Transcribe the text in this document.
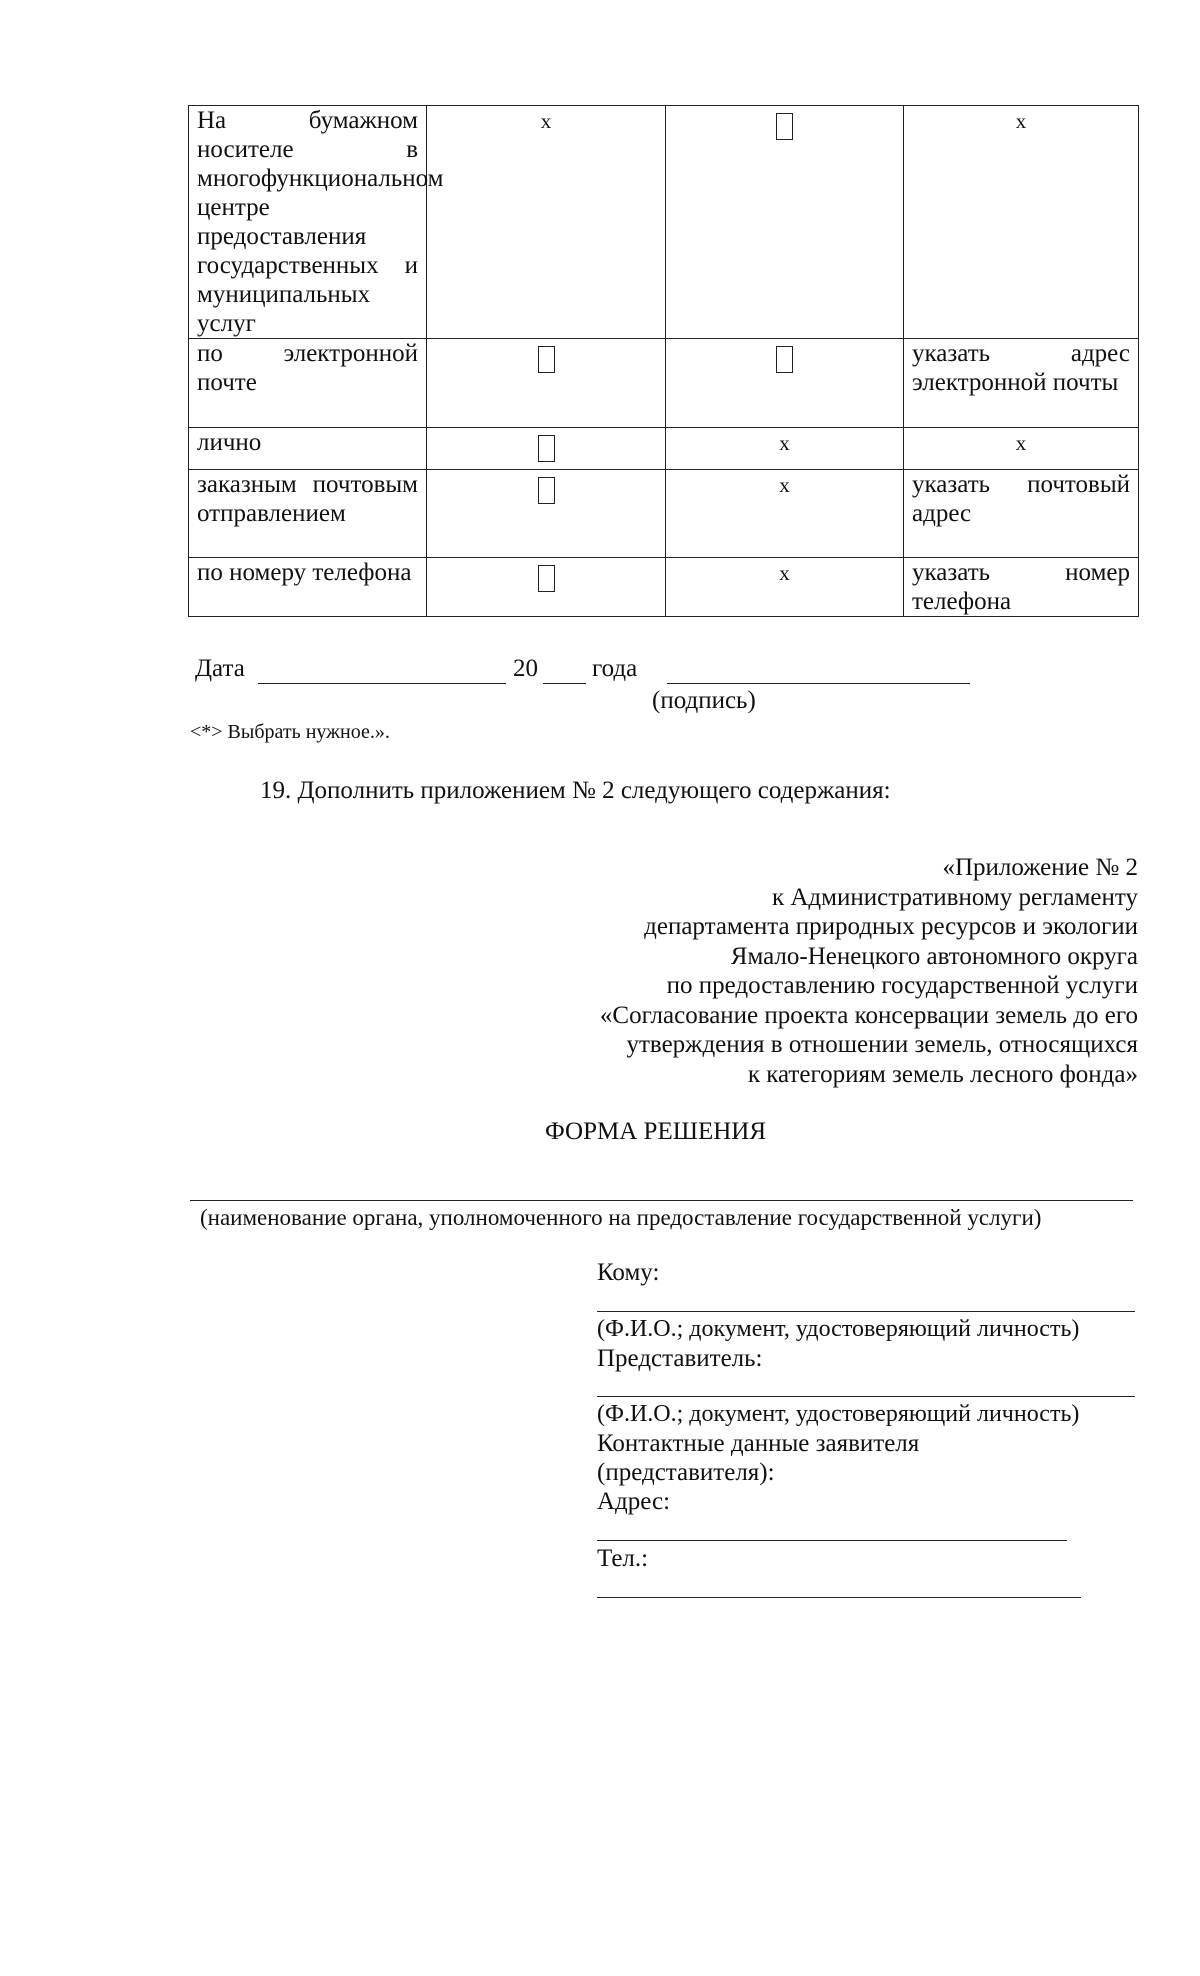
На бумажном носителе в многофункциональном центре предоставления государственных и муниципальных услуг	х		х
по электронной почте			указать адрес электронной почты
лично		х	х
заказным почтовым отправлением		х	указать почтовый адрес
по номеру телефона		х	указать номер телефона
Дата	20 года
(подпись)
<*> Выбрать нужное.».
19. Дополнить приложением № 2 следующего содержания:
«Приложение № 2
к Административному регламенту
департамента природных ресурсов и экологии
Ямало-Ненецкого автономного округа
по предоставлению государственной услуги
«Согласование проекта консервации земель до его
утверждения в отношении земель, относящихся
к категориям земель лесного фонда»
ФОРМА РЕШЕНИЯ
(наименование органа, уполномоченного на предоставление государственной услуги)
Кому:
(Ф.И.О.; документ, удостоверяющий личность)
Представитель:
(Ф.И.О.; документ, удостоверяющий личность)
Контактные данные заявителя
(представителя):
Адрес:
Тел.:
